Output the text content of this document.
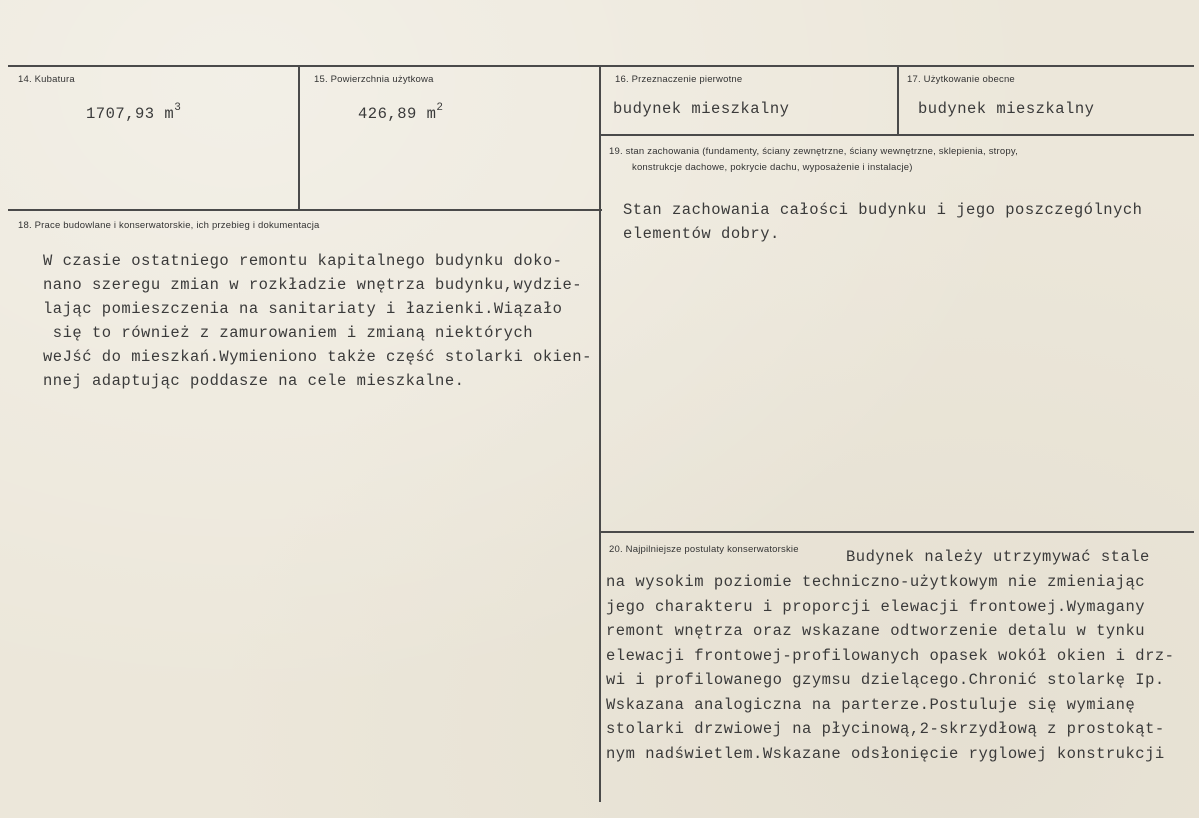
14. Kubatura
1707,93 $m^3$
15. Powierzchnia użytkowa
426,89 $m^2$
16. Przeznaczenie pierwotne
budynek mieszkalny
17. Użytkowanie obecne
budynek mieszkalny
18. Prace budowlane i konserwatorskie, ich przebieg i dokumentacja
W czasie ostatniego remontu kapitalnego budynku doko-
nano szeregu zmian w rozkładzie wnętrza budynku,wydzie-
lając pomieszczenia na sanitariaty i łazienki.Wiązało
się to również z zamurowaniem i zmianą niektórych
weJść do mieszkań.Wymieniono także część stolarki okien-
nnej adaptując poddasze na cele mieszkalne.
19. stan zachowania (fundamenty, ściany zewnętrzne, ściany wewnętrzne, sklepienia, stropy,
konstrukcje dachowe, pokrycie dachu, wyposażenie i instalacje)
Stan zachowania całości budynku i jego poszczególnych
elementów dobry.
20. Najpilniejsze postulaty konserwatorskie	Budynek należy utrzymywać stale
na wysokim poziomie techniczno-użytkowym nie zmieniając
jego charakteru i proporcji elewacji frontowej.Wymagany
remont wnętrza oraz wskazane odtworzenie detalu w tynku
elewacji frontowej-profilowanych opasek wokół okien i drz-
wi i profilowanego gzymsu dzielącego.Chronić stolarkę Ip.
Wskazana analogiczna na parterze.Postuluje się wymianę
stolarki drzwiowej na płycinową,2-skrzydłową z prostokąt-
nym nadświetlem.Wskazane odsłonięcie ryglowej konstrukcji
